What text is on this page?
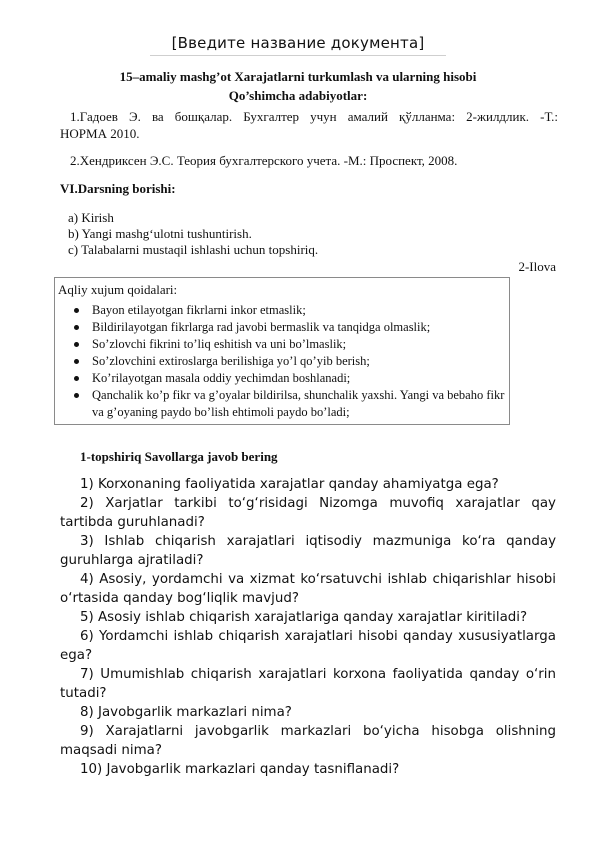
[Введите название документа]
15–amaliy mashg’ot Xarajatlarni turkumlash va ularning hisobi
Qo’shimcha adabiyotlar:
1.Гадоев Э. ва бошқалар. Бухгалтер учун амалий қўлланма: 2-жилдлик. -Т.:
НОРМА 2010.
2.Хендриксен Э.С. Теория бухгалтерского учета. -М.: Проспект, 2008.
VI.Darsning borishi:
a) Kirish
b) Yangi mashg‘ulotni tushuntirish.
c) Talabalarni mustaqil ishlashi uchun topshiriq.
2-Ilova
Aqliy xujum qoidalari:
Bayon etilayotgan fikrlarni inkor etmaslik;
Bildirilayotgan fikrlarga rad javobi bermaslik va tanqidga olmaslik;
So’zlovchi fikrini to’liq eshitish va uni bo’lmaslik;
So’zlovchini extiroslarga berilishiga yo’l qo’yib berish;
Ko’rilayotgan masala oddiy yechimdan boshlanadi;
Qanchalik ko’p fikr va g’oyalar bildirilsa, shunchalik yaxshi. Yangi va bebaho fikr va g’oyaning paydo bo’lish ehtimoli paydo bo’ladi;
1-topshiriq Savollarga javob bering
1) Korxonaning faoliyatida xarajatlar qanday ahamiyatga ega?
2) Xarjatlar tarkibi to‘g‘risidagi Nizomga muvofiq xarajatlar qay tartibda guruhlanadi?
3) Ishlab chiqarish xarajatlari iqtisodiy mazmuniga ko‘ra qanday guruhlarga ajratiladi?
4) Asosiy, yordamchi va xizmat ko‘rsatuvchi ishlab chiqarishlar hisobi o‘rtasida qanday bog‘liqlik mavjud?
5) Asosiy ishlab chiqarish xarajatlariga qanday xarajatlar kiritiladi?
6) Yordamchi ishlab chiqarish xarajatlari hisobi qanday xususiyatlarga ega?
7) Umumishlab chiqarish xarajatlari korxona faoliyatida qanday o‘rin tutadi?
8) Javobgarlik markazlari nima?
9) Xarajatlarni javobgarlik markazlari bo‘yicha hisobga olishning maqsadi nima?
10) Javobgarlik markazlari qanday tasniflanadi?
